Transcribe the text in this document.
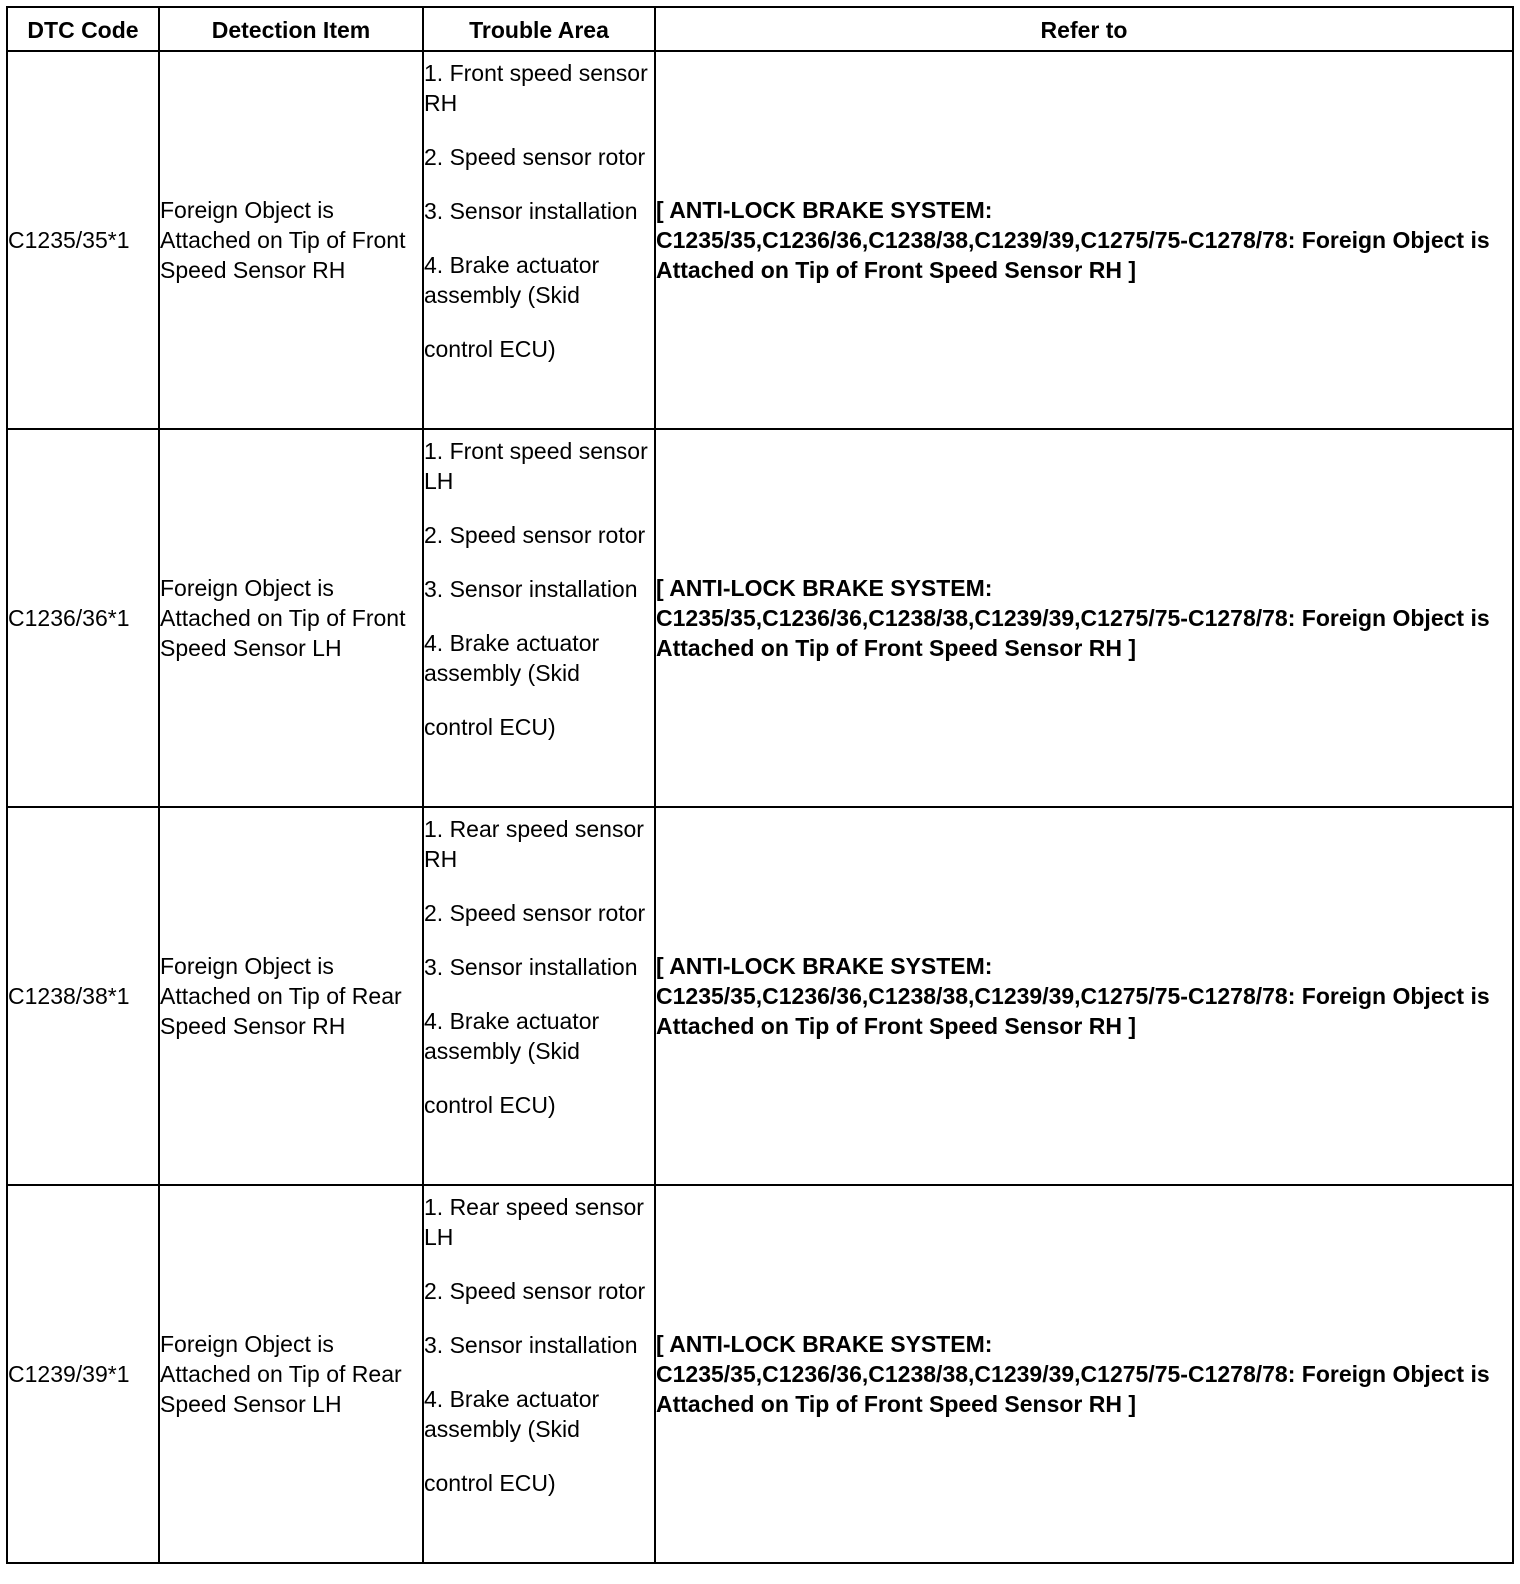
DTC Code	Detection Item	Trouble Area	Refer to
C1235/35*1	Foreign Object is Attached on Tip of Front Speed Sensor RH	1. Front speed sensor RH
2. Speed sensor rotor
3. Sensor installation
4. Brake actuator assembly (Skid
control ECU)	[ ANTI-LOCK BRAKE SYSTEM: C1235/35,C1236/36,C1238/38,C1239/39,C1275/75-C1278/78: Foreign Object is Attached on Tip of Front Speed Sensor RH ]
C1236/36*1	Foreign Object is Attached on Tip of Front Speed Sensor LH	1. Front speed sensor LH
2. Speed sensor rotor
3. Sensor installation
4. Brake actuator assembly (Skid
control ECU)	[ ANTI-LOCK BRAKE SYSTEM: C1235/35,C1236/36,C1238/38,C1239/39,C1275/75-C1278/78: Foreign Object is Attached on Tip of Front Speed Sensor RH ]
C1238/38*1	Foreign Object is Attached on Tip of Rear Speed Sensor RH	1. Rear speed sensor RH
2. Speed sensor rotor
3. Sensor installation
4. Brake actuator assembly (Skid
control ECU)	[ ANTI-LOCK BRAKE SYSTEM: C1235/35,C1236/36,C1238/38,C1239/39,C1275/75-C1278/78: Foreign Object is Attached on Tip of Front Speed Sensor RH ]
C1239/39*1	Foreign Object is Attached on Tip of Rear Speed Sensor LH	1. Rear speed sensor LH
2. Speed sensor rotor
3. Sensor installation
4. Brake actuator assembly (Skid
control ECU)	[ ANTI-LOCK BRAKE SYSTEM: C1235/35,C1236/36,C1238/38,C1239/39,C1275/75-C1278/78: Foreign Object is Attached on Tip of Front Speed Sensor RH ]
